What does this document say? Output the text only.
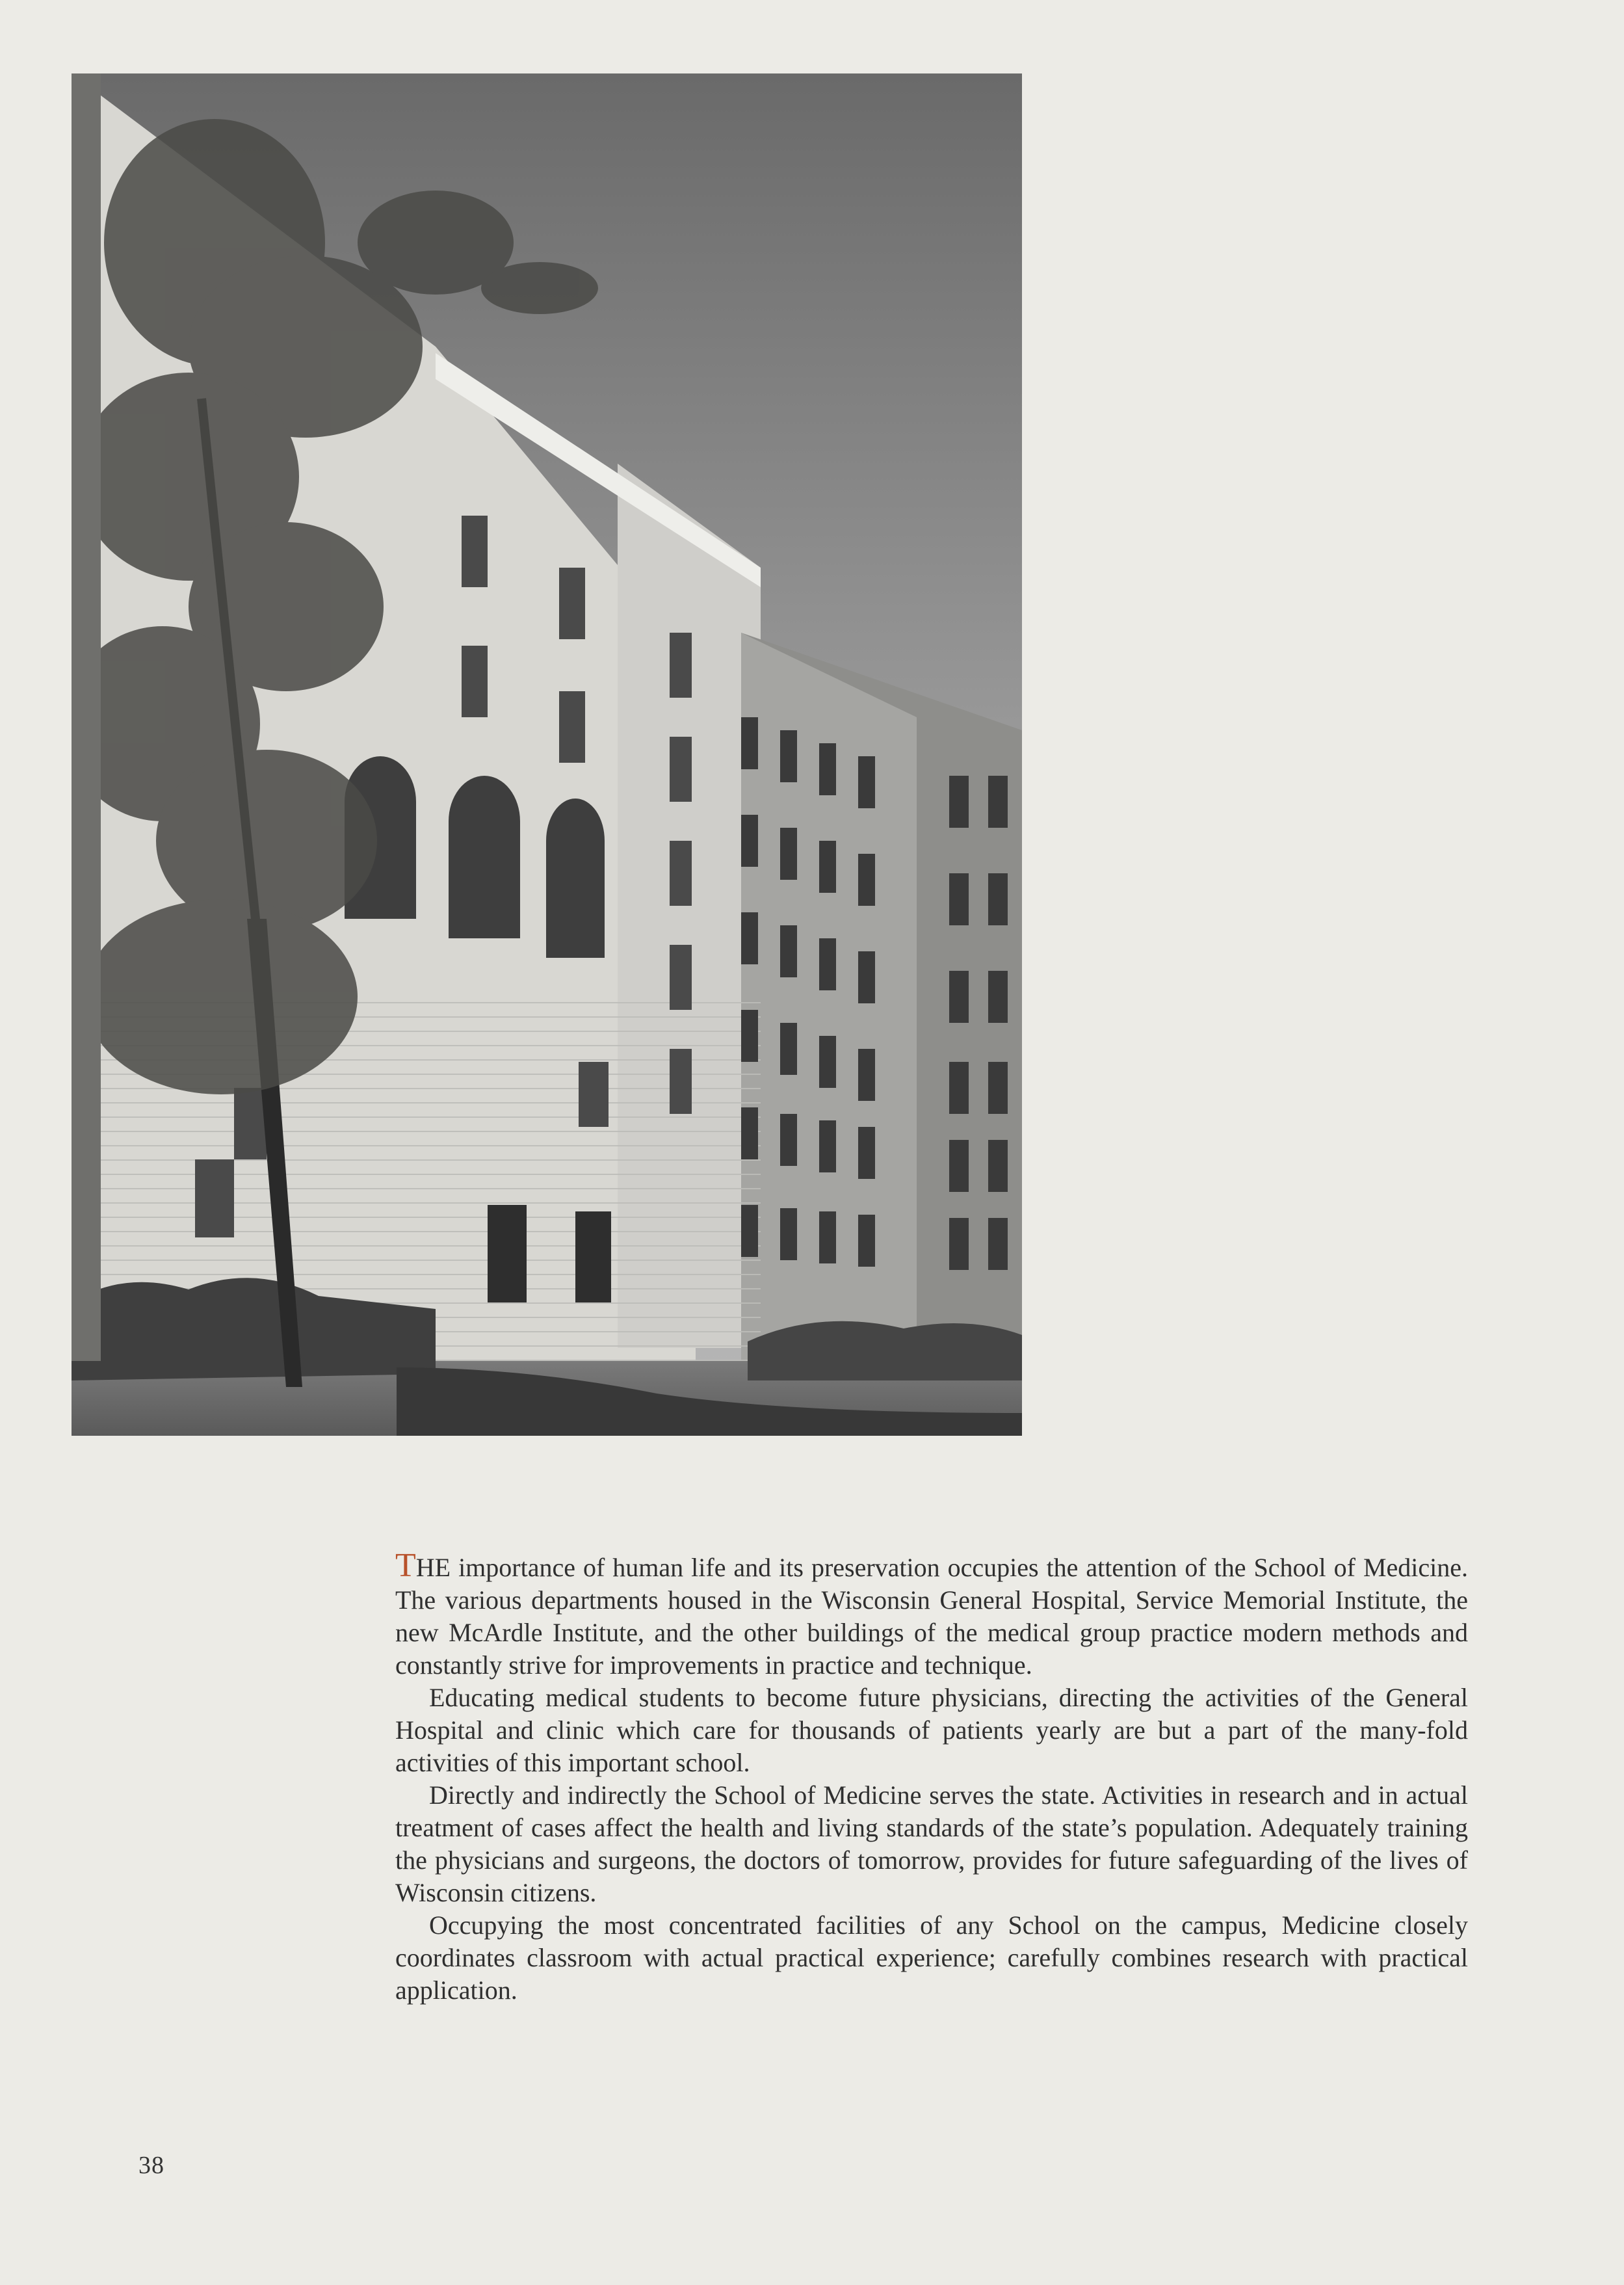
THE importance of human life and its preservation occupies the attention of the School of Medicine. The various departments housed in the Wisconsin General Hospital, Service Memorial Institute, the new McArdle Institute, and the other buildings of the medical group practice modern methods and constantly strive for improvements in practice and technique.

Educating medical students to become future physicians, directing the activities of the General Hospital and clinic which care for thousands of patients yearly are but a part of the many-fold activities of this important school.

Directly and indirectly the School of Medicine serves the state. Activities in research and in actual treatment of cases affect the health and living standards of the state’s population. Adequately training the physicians and surgeons, the doctors of tomorrow, provides for future safeguarding of the lives of Wisconsin citizens.

Occupying the most concentrated facilities of any School on the campus, Medicine closely coordinates classroom with actual practical experience; carefully combines research with practical application.

38
